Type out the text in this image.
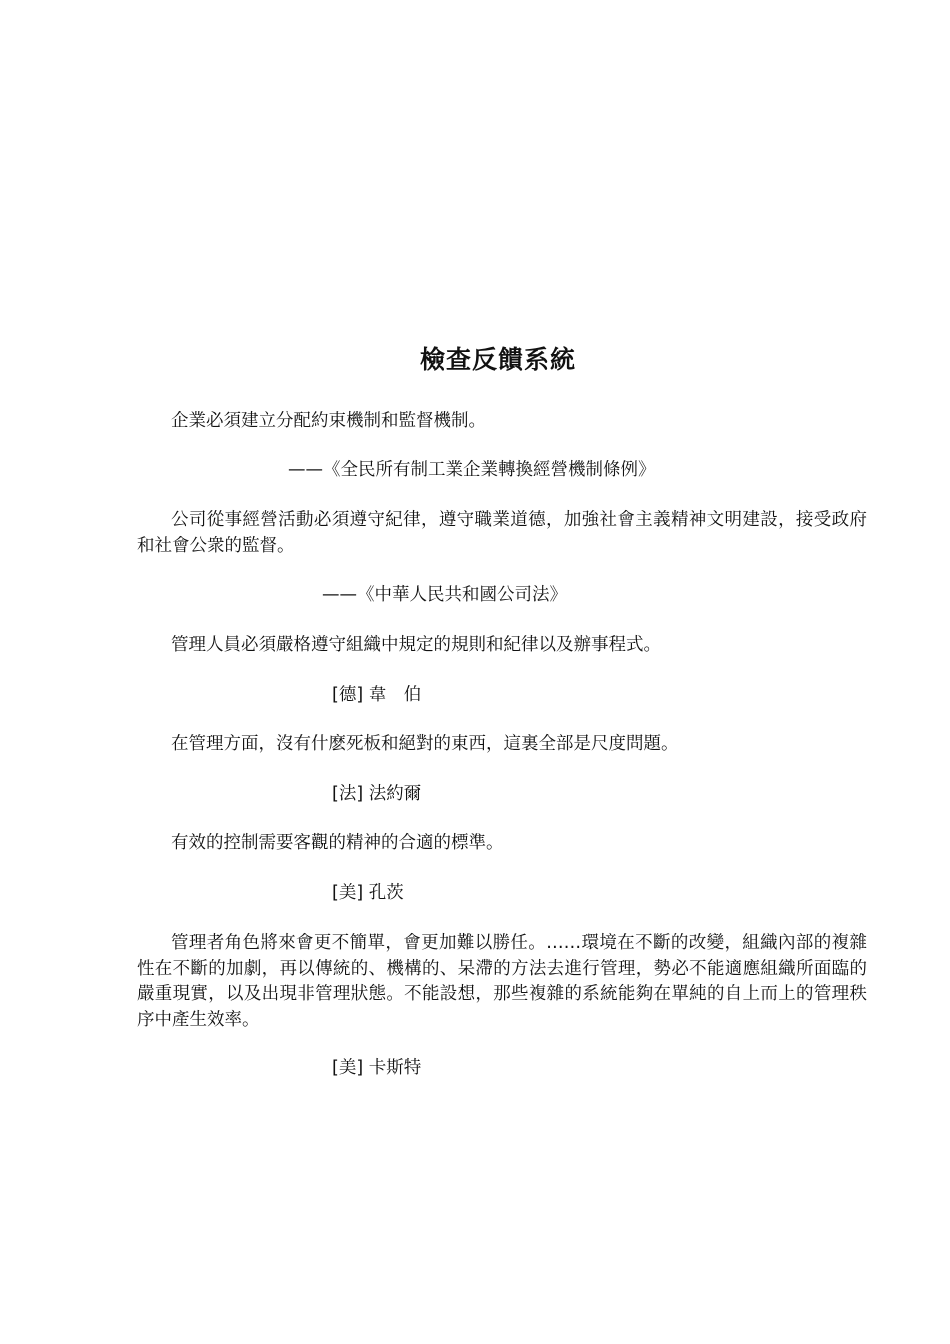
檢查反饋系統

企業必須建立分配約束機制和監督機制。

——《全民所有制工業企業轉換經營機制條例》

公司從事經營活動必須遵守紀律，遵守職業道德，加強社會主義精神文明建設，接受政府和社會公衆的監督。

——《中華人民共和國公司法》

管理人員必須嚴格遵守組織中規定的規則和紀律以及辦事程式。

[德] 韋　伯

在管理方面，沒有什麽死板和絕對的東西，這裏全部是尺度問題。

[法] 法約爾

有效的控制需要客觀的精神的合適的標準。

[美] 孔茨

管理者角色將來會更不簡單，會更加難以勝任。……環境在不斷的改變，組織內部的複雜性在不斷的加劇，再以傳統的、機構的、呆滯的方法去進行管理，勢必不能適應組織所面臨的嚴重現實，以及出現非管理狀態。不能設想，那些複雜的系統能夠在單純的自上而上的管理秩序中產生效率。

[美] 卡斯特
